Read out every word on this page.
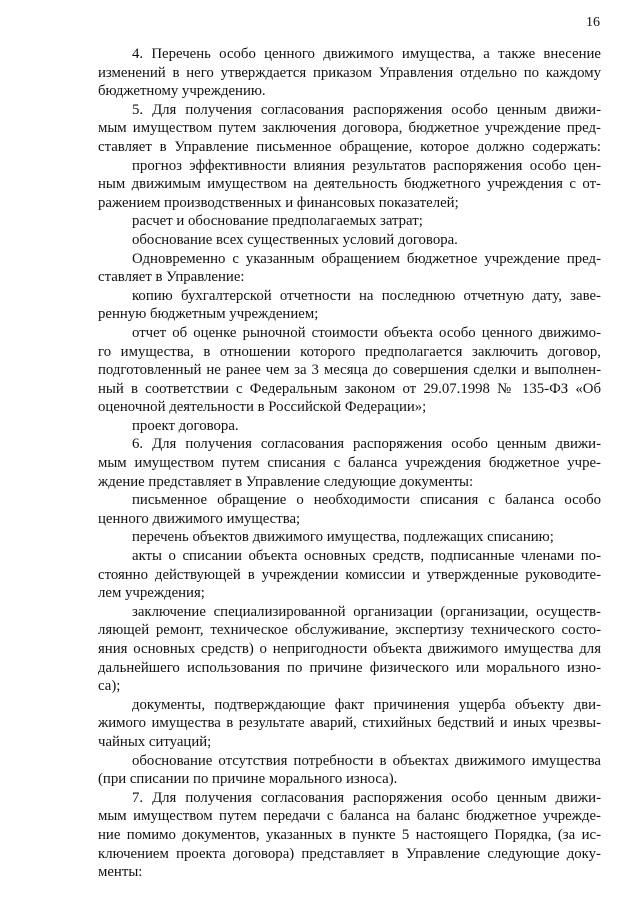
16
4. Перечень особо ценного движимого имущества, а также внесение
изменений в него утверждается приказом Управления отдельно по каждому
бюджетному учреждению.
5. Для получения согласования распоряжения особо ценным движи-
мым имуществом путем заключения договора, бюджетное учреждение пред-
ставляет в Управление письменное обращение, которое должно содержать:
прогноз эффективности влияния результатов распоряжения особо цен-
ным движимым имуществом на деятельность бюджетного учреждения с от-
ражением производственных и финансовых показателей;
расчет и обоснование предполагаемых затрат;
обоснование всех существенных условий договора.
Одновременно с указанным обращением бюджетное учреждение пред-
ставляет в Управление:
копию бухгалтерской отчетности на последнюю отчетную дату, заве-
ренную бюджетным учреждением;
отчет об оценке рыночной стоимости объекта особо ценного движимо-
го имущества, в отношении которого предполагается заключить договор,
подготовленный не ранее чем за 3 месяца до совершения сделки и выполнен-
ный в соответствии с Федеральным законом от 29.07.1998 № 135-ФЗ «Об
оценочной деятельности в Российской Федерации»;
проект договора.
6. Для получения согласования распоряжения особо ценным движи-
мым имуществом путем списания с баланса учреждения бюджетное учре-
ждение представляет в Управление следующие документы:
письменное обращение о необходимости списания с баланса особо
ценного движимого имущества;
перечень объектов движимого имущества, подлежащих списанию;
акты о списании объекта основных средств, подписанные членами по-
стоянно действующей в учреждении комиссии и утвержденные руководите-
лем учреждения;
заключение специализированной организации (организации, осуществ-
ляющей ремонт, техническое обслуживание, экспертизу технического состо-
яния основных средств) о непригодности объекта движимого имущества для
дальнейшего использования по причине физического или морального изно-
са);
документы, подтверждающие факт причинения ущерба объекту дви-
жимого имущества в результате аварий, стихийных бедствий и иных чрезвы-
чайных ситуаций;
обоснование отсутствия потребности в объектах движимого имущества
(при списании по причине морального износа).
7. Для получения согласования распоряжения особо ценным движи-
мым имуществом путем передачи с баланса на баланс бюджетное учрежде-
ние помимо документов, указанных в пункте 5 настоящего Порядка, (за ис-
ключением проекта договора) представляет в Управление следующие доку-
менты:
